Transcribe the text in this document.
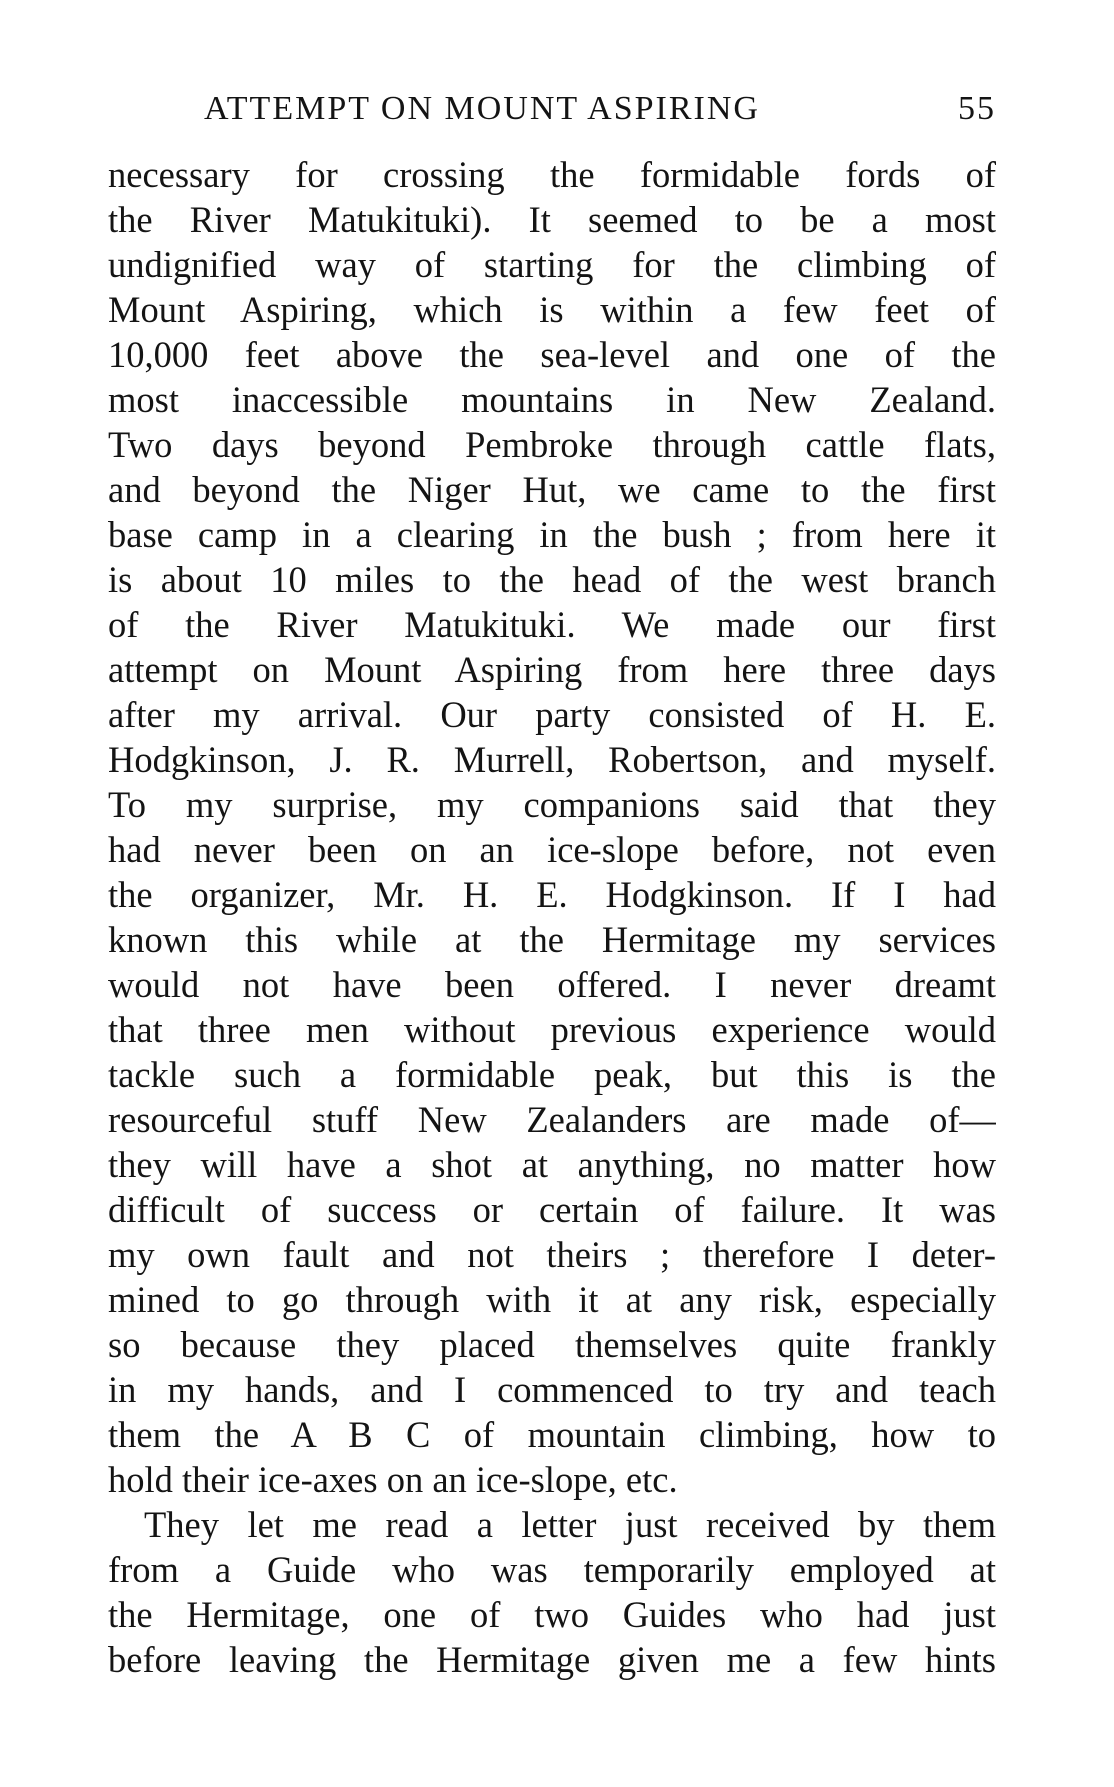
ATTEMPT ON MOUNT ASPIRING	55
necessary for crossing the formidable fords of
the River Matukituki). It seemed to be a most
undignified way of starting for the climbing of
Mount Aspiring, which is within a few feet of
10,000 feet above the sea-level and one of the
most inaccessible mountains in New Zealand.
Two days beyond Pembroke through cattle flats,
and beyond the Niger Hut, we came to the first
base camp in a clearing in the bush ; from here it
is about 10 miles to the head of the west branch
of the River Matukituki. We made our first
attempt on Mount Aspiring from here three days
after my arrival. Our party consisted of H. E.
Hodgkinson, J. R. Murrell, Robertson, and myself.
To my surprise, my companions said that they
had never been on an ice-slope before, not even
the organizer, Mr. H. E. Hodgkinson. If I had
known this while at the Hermitage my services
would not have been offered. I never dreamt
that three men without previous experience would
tackle such a formidable peak, but this is the
resourceful stuff New Zealanders are made of—
they will have a shot at anything, no matter how
difficult of success or certain of failure. It was
my own fault and not theirs ; therefore I deter-
mined to go through with it at any risk, especially
so because they placed themselves quite frankly
in my hands, and I commenced to try and teach
them the A B C of mountain climbing, how to
hold their ice-axes on an ice-slope, etc.
They let me read a letter just received by them
from a Guide who was temporarily employed at
the Hermitage, one of two Guides who had just
before leaving the Hermitage given me a few hints
